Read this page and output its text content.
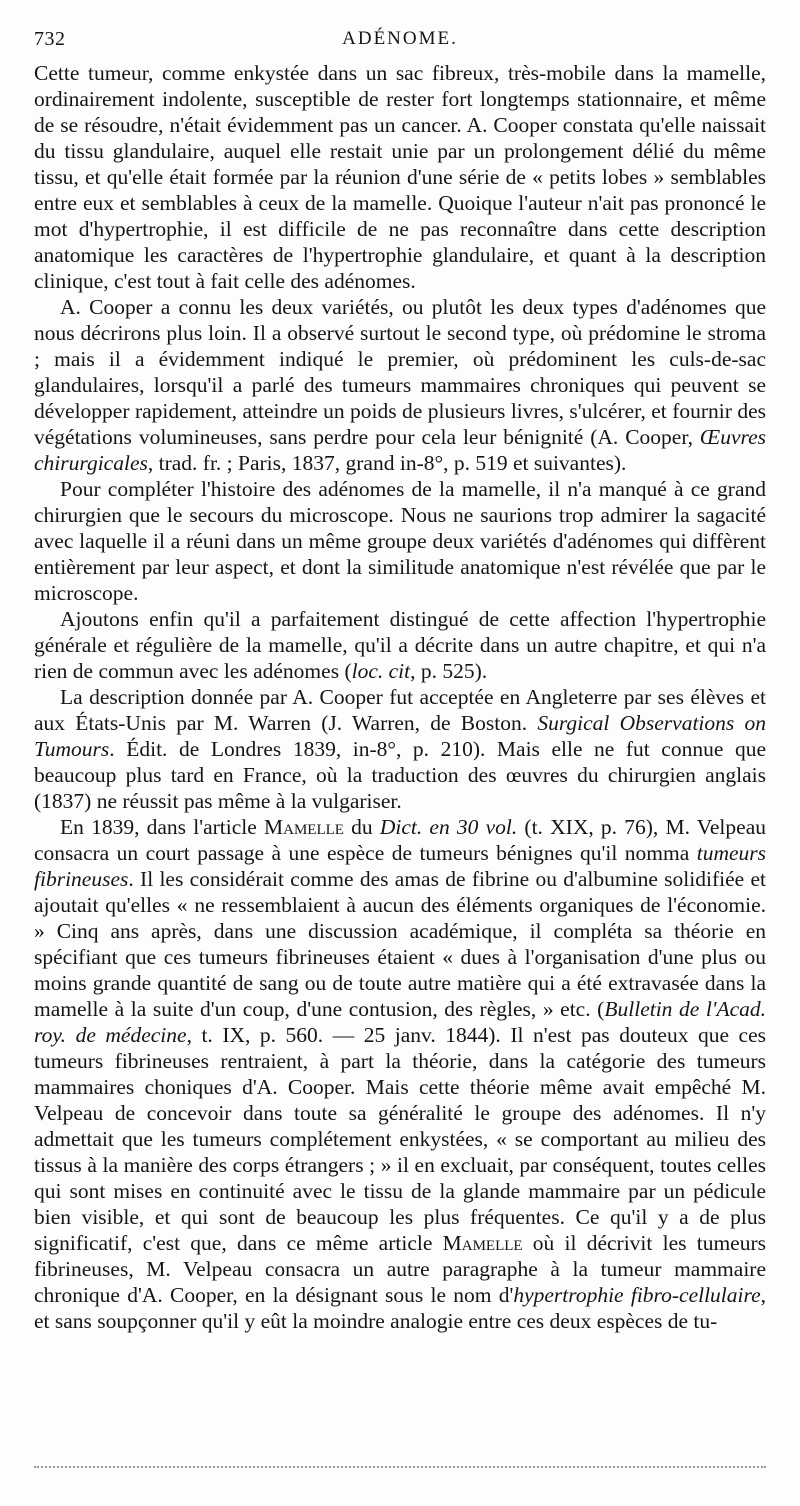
732	ADÉNOME.

Cette tumeur, comme enkystée dans un sac fibreux, très-mobile dans la mamelle, ordinairement indolente, susceptible de rester fort longtemps stationnaire, et même de se résoudre, n'était évidemment pas un cancer. A. Cooper constata qu'elle naissait du tissu glandulaire, auquel elle restait unie par un prolongement délié du même tissu, et qu'elle était formée par la réunion d'une série de « petits lobes » semblables entre eux et semblables à ceux de la mamelle. Quoique l'auteur n'ait pas prononcé le mot d'hypertrophie, il est difficile de ne pas reconnaître dans cette description anatomique les caractères de l'hypertrophie glandulaire, et quant à la description clinique, c'est tout à fait celle des adénomes.

A. Cooper a connu les deux variétés, ou plutôt les deux types d'adénomes que nous décrirons plus loin. Il a observé surtout le second type, où prédomine le stroma ; mais il a évidemment indiqué le premier, où prédominent les culs-de-sac glandulaires, lorsqu'il a parlé des tumeurs mammaires chroniques qui peuvent se développer rapidement, atteindre un poids de plusieurs livres, s'ulcérer, et fournir des végétations volumineuses, sans perdre pour cela leur bénignité (A. Cooper, Œuvres chirurgicales, trad. fr. ; Paris, 1837, grand in-8°, p. 519 et suivantes).

Pour compléter l'histoire des adénomes de la mamelle, il n'a manqué à ce grand chirurgien que le secours du microscope. Nous ne saurions trop admirer la sagacité avec laquelle il a réuni dans un même groupe deux variétés d'adénomes qui diffèrent entièrement par leur aspect, et dont la similitude anatomique n'est révélée que par le microscope.

Ajoutons enfin qu'il a parfaitement distingué de cette affection l'hypertrophie générale et régulière de la mamelle, qu'il a décrite dans un autre chapitre, et qui n'a rien de commun avec les adénomes (loc. cit, p. 525).

La description donnée par A. Cooper fut acceptée en Angleterre par ses élèves et aux États-Unis par M. Warren (J. Warren, de Boston. Surgical Observations on Tumours. Édit. de Londres 1839, in-8°, p. 210). Mais elle ne fut connue que beaucoup plus tard en France, où la traduction des œuvres du chirurgien anglais (1837) ne réussit pas même à la vulgariser.

En 1839, dans l'article Mamelle du Dict. en 30 vol. (t. XIX, p. 76), M. Velpeau consacra un court passage à une espèce de tumeurs bénignes qu'il nomma tumeurs fibrineuses. Il les considérait comme des amas de fibrine ou d'albumine solidifiée et ajoutait qu'elles « ne ressemblaient à aucun des éléments organiques de l'économie. » Cinq ans après, dans une discussion académique, il compléta sa théorie en spécifiant que ces tumeurs fibrineuses étaient « dues à l'organisation d'une plus ou moins grande quantité de sang ou de toute autre matière qui a été extravasée dans la mamelle à la suite d'un coup, d'une contusion, des règles, » etc. (Bulletin de l'Acad. roy. de médecine, t. IX, p. 560. — 25 janv. 1844). Il n'est pas douteux que ces tumeurs fibrineuses rentraient, à part la théorie, dans la catégorie des tumeurs mammaires choniques d'A. Cooper. Mais cette théorie même avait empêché M. Velpeau de concevoir dans toute sa généralité le groupe des adénomes. Il n'y admettait que les tumeurs complétement enkystées, « se comportant au milieu des tissus à la manière des corps étrangers ; » il en excluait, par conséquent, toutes celles qui sont mises en continuité avec le tissu de la glande mammaire par un pédicule bien visible, et qui sont de beaucoup les plus fréquentes. Ce qu'il y a de plus significatif, c'est que, dans ce même article Mamelle où il décrivit les tumeurs fibrineuses, M. Velpeau consacra un autre paragraphe à la tumeur mammaire chronique d'A. Cooper, en la désignant sous le nom d'hypertrophie fibro-cellulaire, et sans soupçonner qu'il y eût la moindre analogie entre ces deux espèces de tu-
